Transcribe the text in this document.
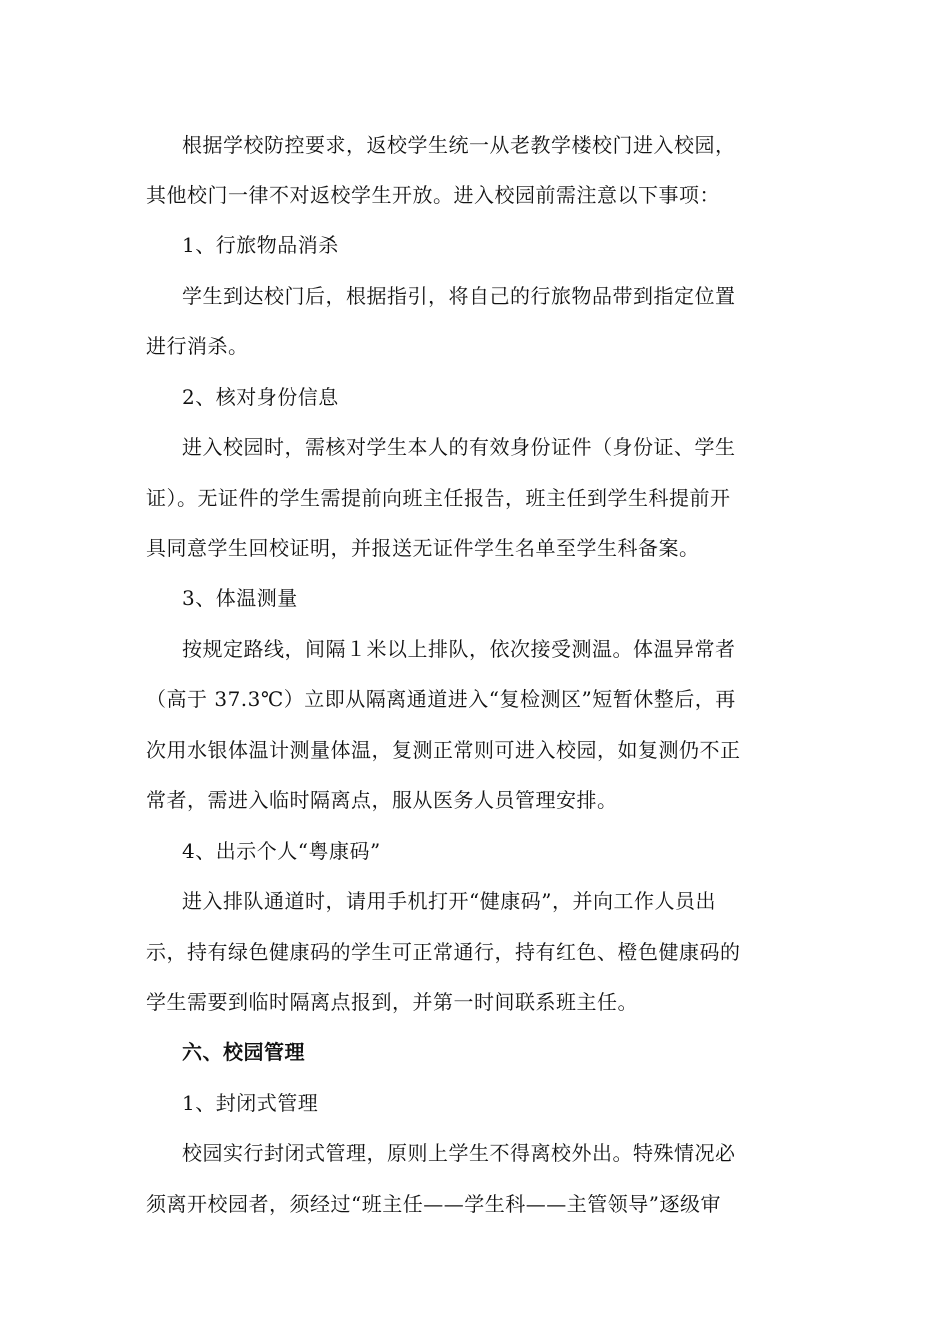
根据学校防控要求，返校学生统一从老教学楼校门进入校园，
其他校门一律不对返校学生开放。进入校园前需注意以下事项：
1、行旅物品消杀
学生到达校门后，根据指引，将自己的行旅物品带到指定位置
进行消杀。
2、核对身份信息
进入校园时，需核对学生本人的有效身份证件（身份证、学生
证）。无证件的学生需提前向班主任报告，班主任到学生科提前开
具同意学生回校证明，并报送无证件学生名单至学生科备案。
3、体温测量
按规定路线，间隔１米以上排队，依次接受测温。体温异常者
（高于 37.3℃）立即从隔离通道进入“复检测区”短暂休整后，再
次用水银体温计测量体温，复测正常则可进入校园，如复测仍不正
常者，需进入临时隔离点，服从医务人员管理安排。
4、出示个人“粤康码”
进入排队通道时，请用手机打开“健康码”，并向工作人员出
示，持有绿色健康码的学生可正常通行，持有红色、橙色健康码的
学生需要到临时隔离点报到，并第一时间联系班主任。
六、校园管理
1、封闭式管理
校园实行封闭式管理，原则上学生不得离校外出。特殊情况必
须离开校园者，须经过“班主任——学生科——主管领导”逐级审
